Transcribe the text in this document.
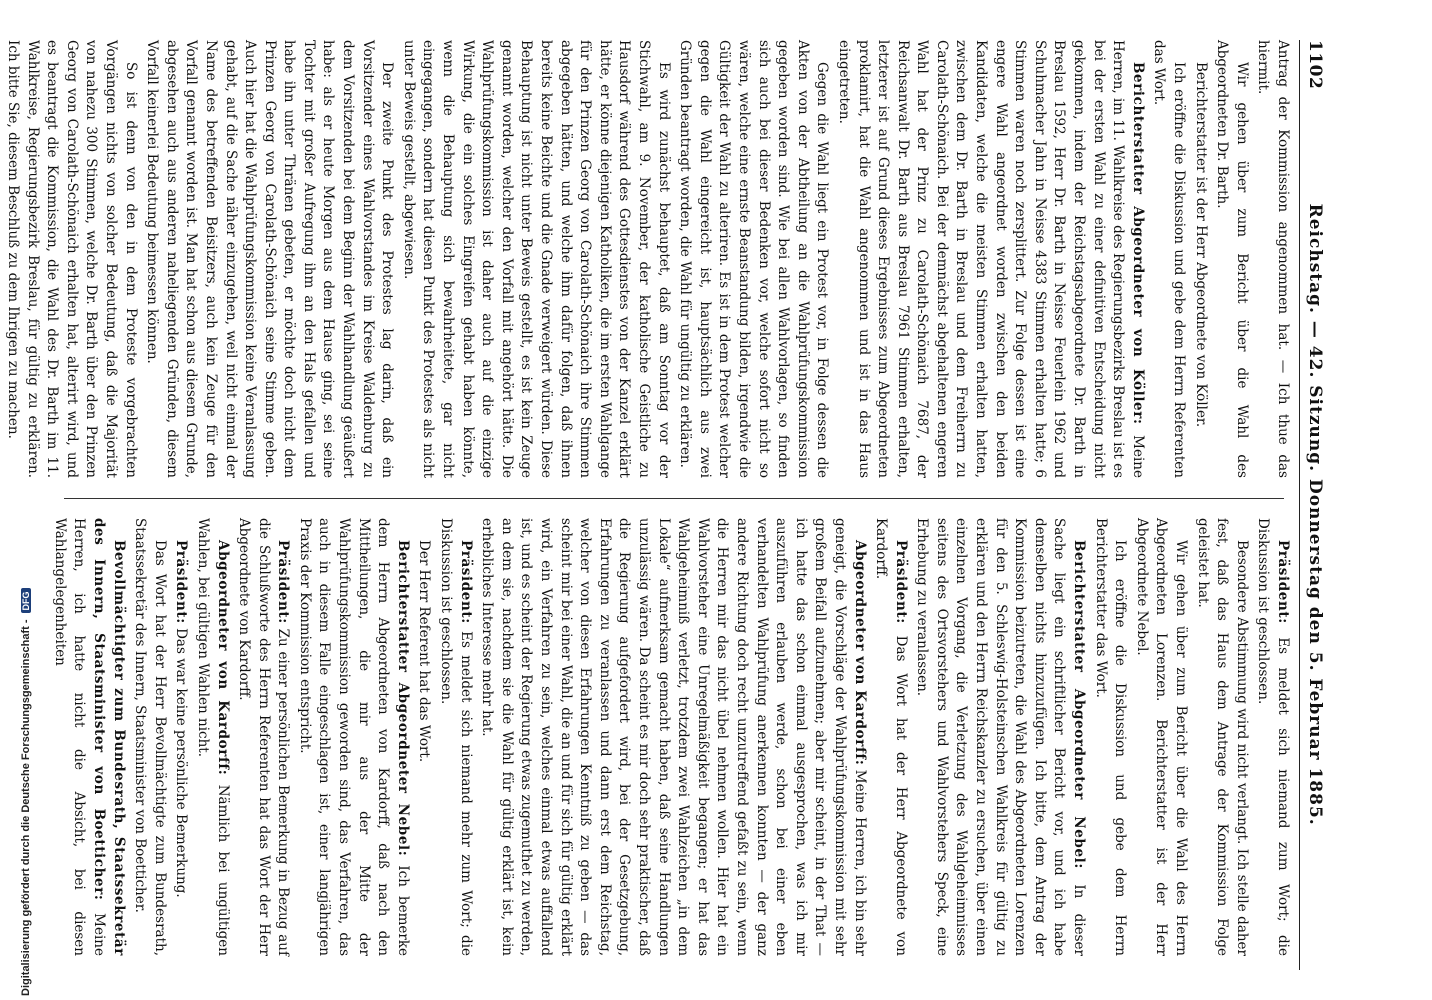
Digitalisierung gefördert durch die Deutsche Forschungsgemeinschaft -DFG
1102
Reichstag. — 42. Sitzung. Donnerstag den 5. Februar 1885.

Antrag der Kommission angenommen hat. — Ich thue das hiermit.

Wir gehen über zum Bericht über die Wahl des Abgeordneten Dr. Barth.

Berichterstatter ist der Herr Abgeordnete von Köller.

Ich eröffne die Diskussion und gebe dem Herrn Referenten das Wort.

Berichterstatter Abgeordneter von Köller: Meine Herren, im 11. Wahlkreise des Regierungsbezirks Breslau ist es bei der ersten Wahl zu einer definitiven Entscheidung nicht gekommen, indem der Reichstagsabgeordnete Dr. Barth in Breslau 1592, Herr Dr. Barth in Neisse Feuerlein 1962 und Schuhmacher Jahn in Neisse 4383 Stimmen erhalten hatte; 6 Stimmen waren noch zersplittert. Zur Folge dessen ist eine engere Wahl angeordnet worden zwischen den beiden Kandidaten, welche die meisten Stimmen erhalten hatten, zwischen dem Dr. Barth in Breslau und dem Freiherrn zu Carolath-Schönaich. Bei der demnächst abgehaltenen engeren Wahl hat der Prinz zu Carolath-Schönaich 7687, der Reichsanwalt Dr. Barth aus Breslau 7961 Stimmen erhalten, letzterer ist auf Grund dieses Ergebnisses zum Abgeordneten proklamirt, hat die Wahl angenommen und ist in das Haus eingetreten.

Gegen die Wahl liegt ein Protest vor, in Folge dessen die Akten von der Abtheilung an die Wahlprüfungskommission gegeben worden sind. Wie bei allen Wahlvorlagen, so finden sich auch bei dieser Bedenken vor, welche sofort nicht so wären, welche eine ernste Beanstandung bilden, irgendwie die Gültigkeit der Wahl zu alteriren. Es ist in dem Protest welcher gegen die Wahl eingereicht ist, hauptsächlich aus zwei Gründen beantragt worden, die Wahl für ungültig zu erklären.

Es wird zunächst behauptet, daß am Sonntag vor der Stichwahl, am 9. November, der katholische Geistliche zu Hausdorf während des Gottesdienstes von der Kanzel erklärt hätte, er könne diejenigen Katholiken, die im ersten Wahlgange für den Prinzen Georg von Carolath-Schönaich ihre Stimmen abgegeben hätten, und welche ihm dafür folgen, daß ihnen bereits keine Beichte und die Gnade verweigert würden. Diese Behauptung ist nicht unter Beweis gestellt, es ist kein Zeuge genannt worden, welcher den Vorfall mit angehört hätte. Die Wahlprüfungskommission ist daher auch auf die einzige Wirkung, die ein solches Eingreifen gehabt haben könnte, wenn die Behauptung sich bewahrheitete, gar nicht eingegangen, sondern hat diesen Punkt des Protestes als nicht unter Beweis gestellt, abgewiesen.

Der zweite Punkt des Protestes lag darin, daß ein Vorsitzender eines Wahlvorstandes im Kreise Waldenburg zu dem Vorsitzenden bei dem Beginn der Wahlhandlung geäußert habe: als er heute Morgen aus dem Hause ging, sei seine Tochter mit großer Aufregung ihm an den Hals gefallen und habe ihn unter Thränen gebeten, er möchte doch nicht dem Prinzen Georg von Carolath-Schönaich seine Stimme geben. Auch hier hat die Wahlprüfungskommission keine Veranlassung gehabt, auf die Sache näher einzugehen, weil nicht einmal der Name des betreffenden Beisitzers, auch kein Zeuge für den Vorfall genannt worden ist. Man hat schon aus diesem Grunde, abgesehen auch aus anderen naheliegenden Gründen, diesem Vorfall keinerlei Bedeutung beimessen können.

So ist denn von den in dem Proteste vorgebrachten Vorgängen nichts von solcher Bedeutung, daß die Majorität von nahezu 300 Stimmen, welche Dr. Barth über den Prinzen Georg von Carolath-Schönaich erhalten hat, alterirt wird, und es beantragt die Kommission, die Wahl des Dr. Barth im 11. Wahlkreise, Regierungsbezirk Breslau, für gültig zu erklären. Ich bitte Sie, diesem Beschluß zu dem Ihrigen zu machen.

Präsident: Es meldet sich niemand zum Wort; die Diskussion ist geschlossen.

Besondere Abstimmung wird nicht verlangt. Ich stelle daher fest, daß das Haus dem Antrage der Kommission Folge geleistet hat.

Wir gehen über zum Bericht über die Wahl des Herrn Abgeordneten Lorenzen. Berichterstatter ist der Herr Abgeordnete Nebel.

Ich eröffne die Diskussion und gebe dem Herrn Berichterstatter das Wort.

Berichterstatter Abgeordneter Nebel: In dieser Sache liegt ein schriftlicher Bericht vor, und ich habe demselben nichts hinzuzufügen. Ich bitte, dem Antrag der Kommission beizutreten, die Wahl des Abgeordneten Lorenzen für den 5. Schleswig-Holsteinschen Wahlkreis für gültig zu erklären und den Herrn Reichskanzler zu ersuchen, über einen einzelnen Vorgang, die Verletzung des Wahlgeheimnisses seitens des Ortsvorstehers und Wahlvorstehers Speck, eine Erhebung zu veranlassen.

Präsident: Das Wort hat der Herr Abgeordnete von Kardorff.

Abgeordneter von Kardorff: Meine Herren, ich bin sehr geneigt, die Vorschläge der Wahlprüfungskommission mit sehr großem Beifall aufzunehmen; aber mir scheint, in der That — ich hatte das schon einmal ausgesprochen, was ich mir auszuführen erlauben werde, schon bei einer eben verhandelten Wahlprüfung anerkennen konnten — der ganz andere Richtung doch recht unzutreffend gefaßt zu sein, wenn die Herren mir das nicht übel nehmen wollen. Hier hat ein Wahlvorsteher eine Unregelmäßigkeit begangen; er hat das Wahlgeheimniß verletzt, trotzdem zwei Wahlzeichen „in dem Lokale“ aufmerksam gemacht haben, daß seine Handlungen unzulässig wären. Da scheint es mir doch sehr praktischer, daß die Regierung aufgefordert wird, bei der Gesetzgebung, Erfahrungen zu veranlassen und dann erst dem Reichstag, welcher von diesen Erfahrungen Kenntniß zu geben — das scheint mir bei einer Wahl, die an und für sich für gültig erklärt wird, ein Verfahren zu sein, welches einmal etwas auffallend ist, und es scheint der Regierung etwas zugemuthet zu werden, an dem sie, nachdem sie die Wahl für gültig erklärt ist, kein erhebliches Interesse mehr hat.

Präsident: Es meldet sich niemand mehr zum Wort; die Diskussion ist geschlossen.

Der Herr Referent hat das Wort.

Berichterstatter Abgeordneter Nebel: Ich bemerke dem Herrn Abgeordneten von Kardorff, daß nach den Mittheilungen, die mir aus der Mitte der Wahlprüfungskommission geworden sind, das Verfahren, das auch in diesem Falle eingeschlagen ist, einer langjährigen Praxis der Kommission entspricht.

Präsident: Zu einer persönlichen Bemerkung in Bezug auf die Schlußworte des Herrn Referenten hat das Wort der Herr Abgeordnete von Kardorff.

Abgeordneter von Kardorff: Nämlich bei ungültigen Wahlen, bei gültigen Wahlen nicht.

Präsident: Das war keine persönliche Bemerkung.

Das Wort hat der Herr Bevollmächtigte zum Bundesrath, Staatssekretär des Innern, Staatsminister von Boetticher.

Bevollmächtigter zum Bundesrath, Staatssekretär des Innern, Staatsminister von Boetticher: Meine Herren, ich hatte nicht die Absicht, bei diesen Wahlangelegenheiten
